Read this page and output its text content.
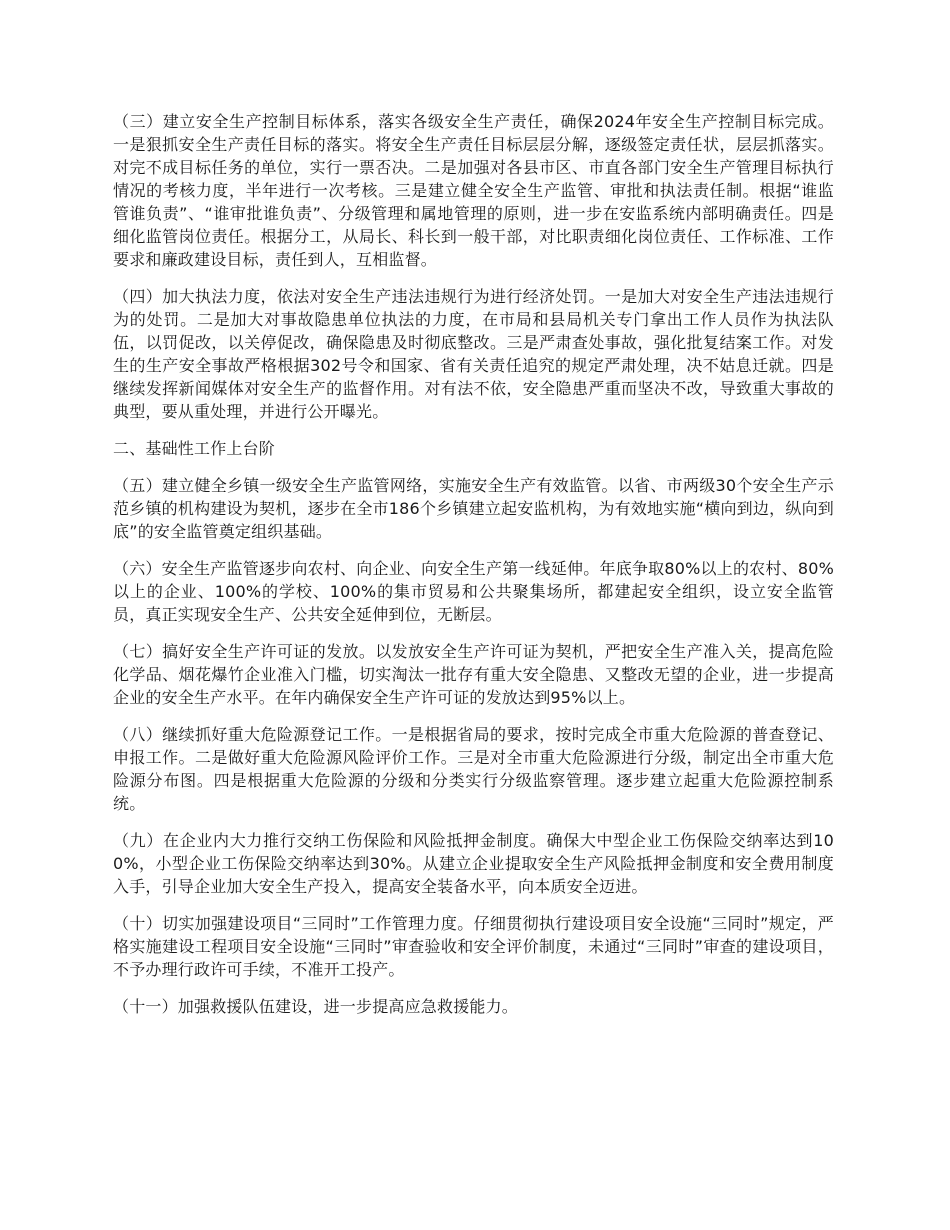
（三）建立安全生产控制目标体系，落实各级安全生产责任，确保2024年安全生产控制目标完成。一是狠抓安全生产责任目标的落实。将安全生产责任目标层层分解，逐级签定责任状，层层抓落实。对完不成目标任务的单位，实行一票否决。二是加强对各县市区、市直各部门安全生产管理目标执行情况的考核力度，半年进行一次考核。三是建立健全安全生产监管、审批和执法责任制。根据“谁监管谁负责”、“谁审批谁负责”、分级管理和属地管理的原则，进一步在安监系统内部明确责任。四是细化监管岗位责任。根据分工，从局长、科长到一般干部，对比职责细化岗位责任、工作标准、工作要求和廉政建设目标，责任到人，互相监督。

（四）加大执法力度，依法对安全生产违法违规行为进行经济处罚。一是加大对安全生产违法违规行为的处罚。二是加大对事故隐患单位执法的力度，在市局和县局机关专门拿出工作人员作为执法队伍，以罚促改，以关停促改，确保隐患及时彻底整改。三是严肃查处事故，强化批复结案工作。对发生的生产安全事故严格根据302号令和国家、省有关责任追究的规定严肃处理，决不姑息迁就。四是继续发挥新闻媒体对安全生产的监督作用。对有法不依，安全隐患严重而坚决不改，导致重大事故的典型，要从重处理，并进行公开曝光。

二、基础性工作上台阶

（五）建立健全乡镇一级安全生产监管网络，实施安全生产有效监管。以省、市两级30个安全生产示范乡镇的机构建设为契机，逐步在全市186个乡镇建立起安监机构，为有效地实施“横向到边，纵向到底”的安全监管奠定组织基础。

（六）安全生产监管逐步向农村、向企业、向安全生产第一线延伸。年底争取80%以上的农村、80%以上的企业、100%的学校、100%的集市贸易和公共聚集场所，都建起安全组织，设立安全监管员，真正实现安全生产、公共安全延伸到位，无断层。

（七）搞好安全生产许可证的发放。以发放安全生产许可证为契机，严把安全生产准入关，提高危险化学品、烟花爆竹企业准入门槛，切实淘汰一批存有重大安全隐患、又整改无望的企业，进一步提高企业的安全生产水平。在年内确保安全生产许可证的发放达到95%以上。

（八）继续抓好重大危险源登记工作。一是根据省局的要求，按时完成全市重大危险源的普查登记、申报工作。二是做好重大危险源风险评价工作。三是对全市重大危险源进行分级，制定出全市重大危险源分布图。四是根据重大危险源的分级和分类实行分级监察管理。逐步建立起重大危险源控制系统。

（九）在企业内大力推行交纳工伤保险和风险抵押金制度。确保大中型企业工伤保险交纳率达到100%，小型企业工伤保险交纳率达到30%。从建立企业提取安全生产风险抵押金制度和安全费用制度入手，引导企业加大安全生产投入，提高安全装备水平，向本质安全迈进。

（十）切实加强建设项目“三同时”工作管理力度。仔细贯彻执行建设项目安全设施“三同时”规定，严格实施建设工程项目安全设施“三同时”审查验收和安全评价制度，未通过“三同时”审查的建设项目，不予办理行政许可手续，不准开工投产。

（十一）加强救援队伍建设，进一步提高应急救援能力。
